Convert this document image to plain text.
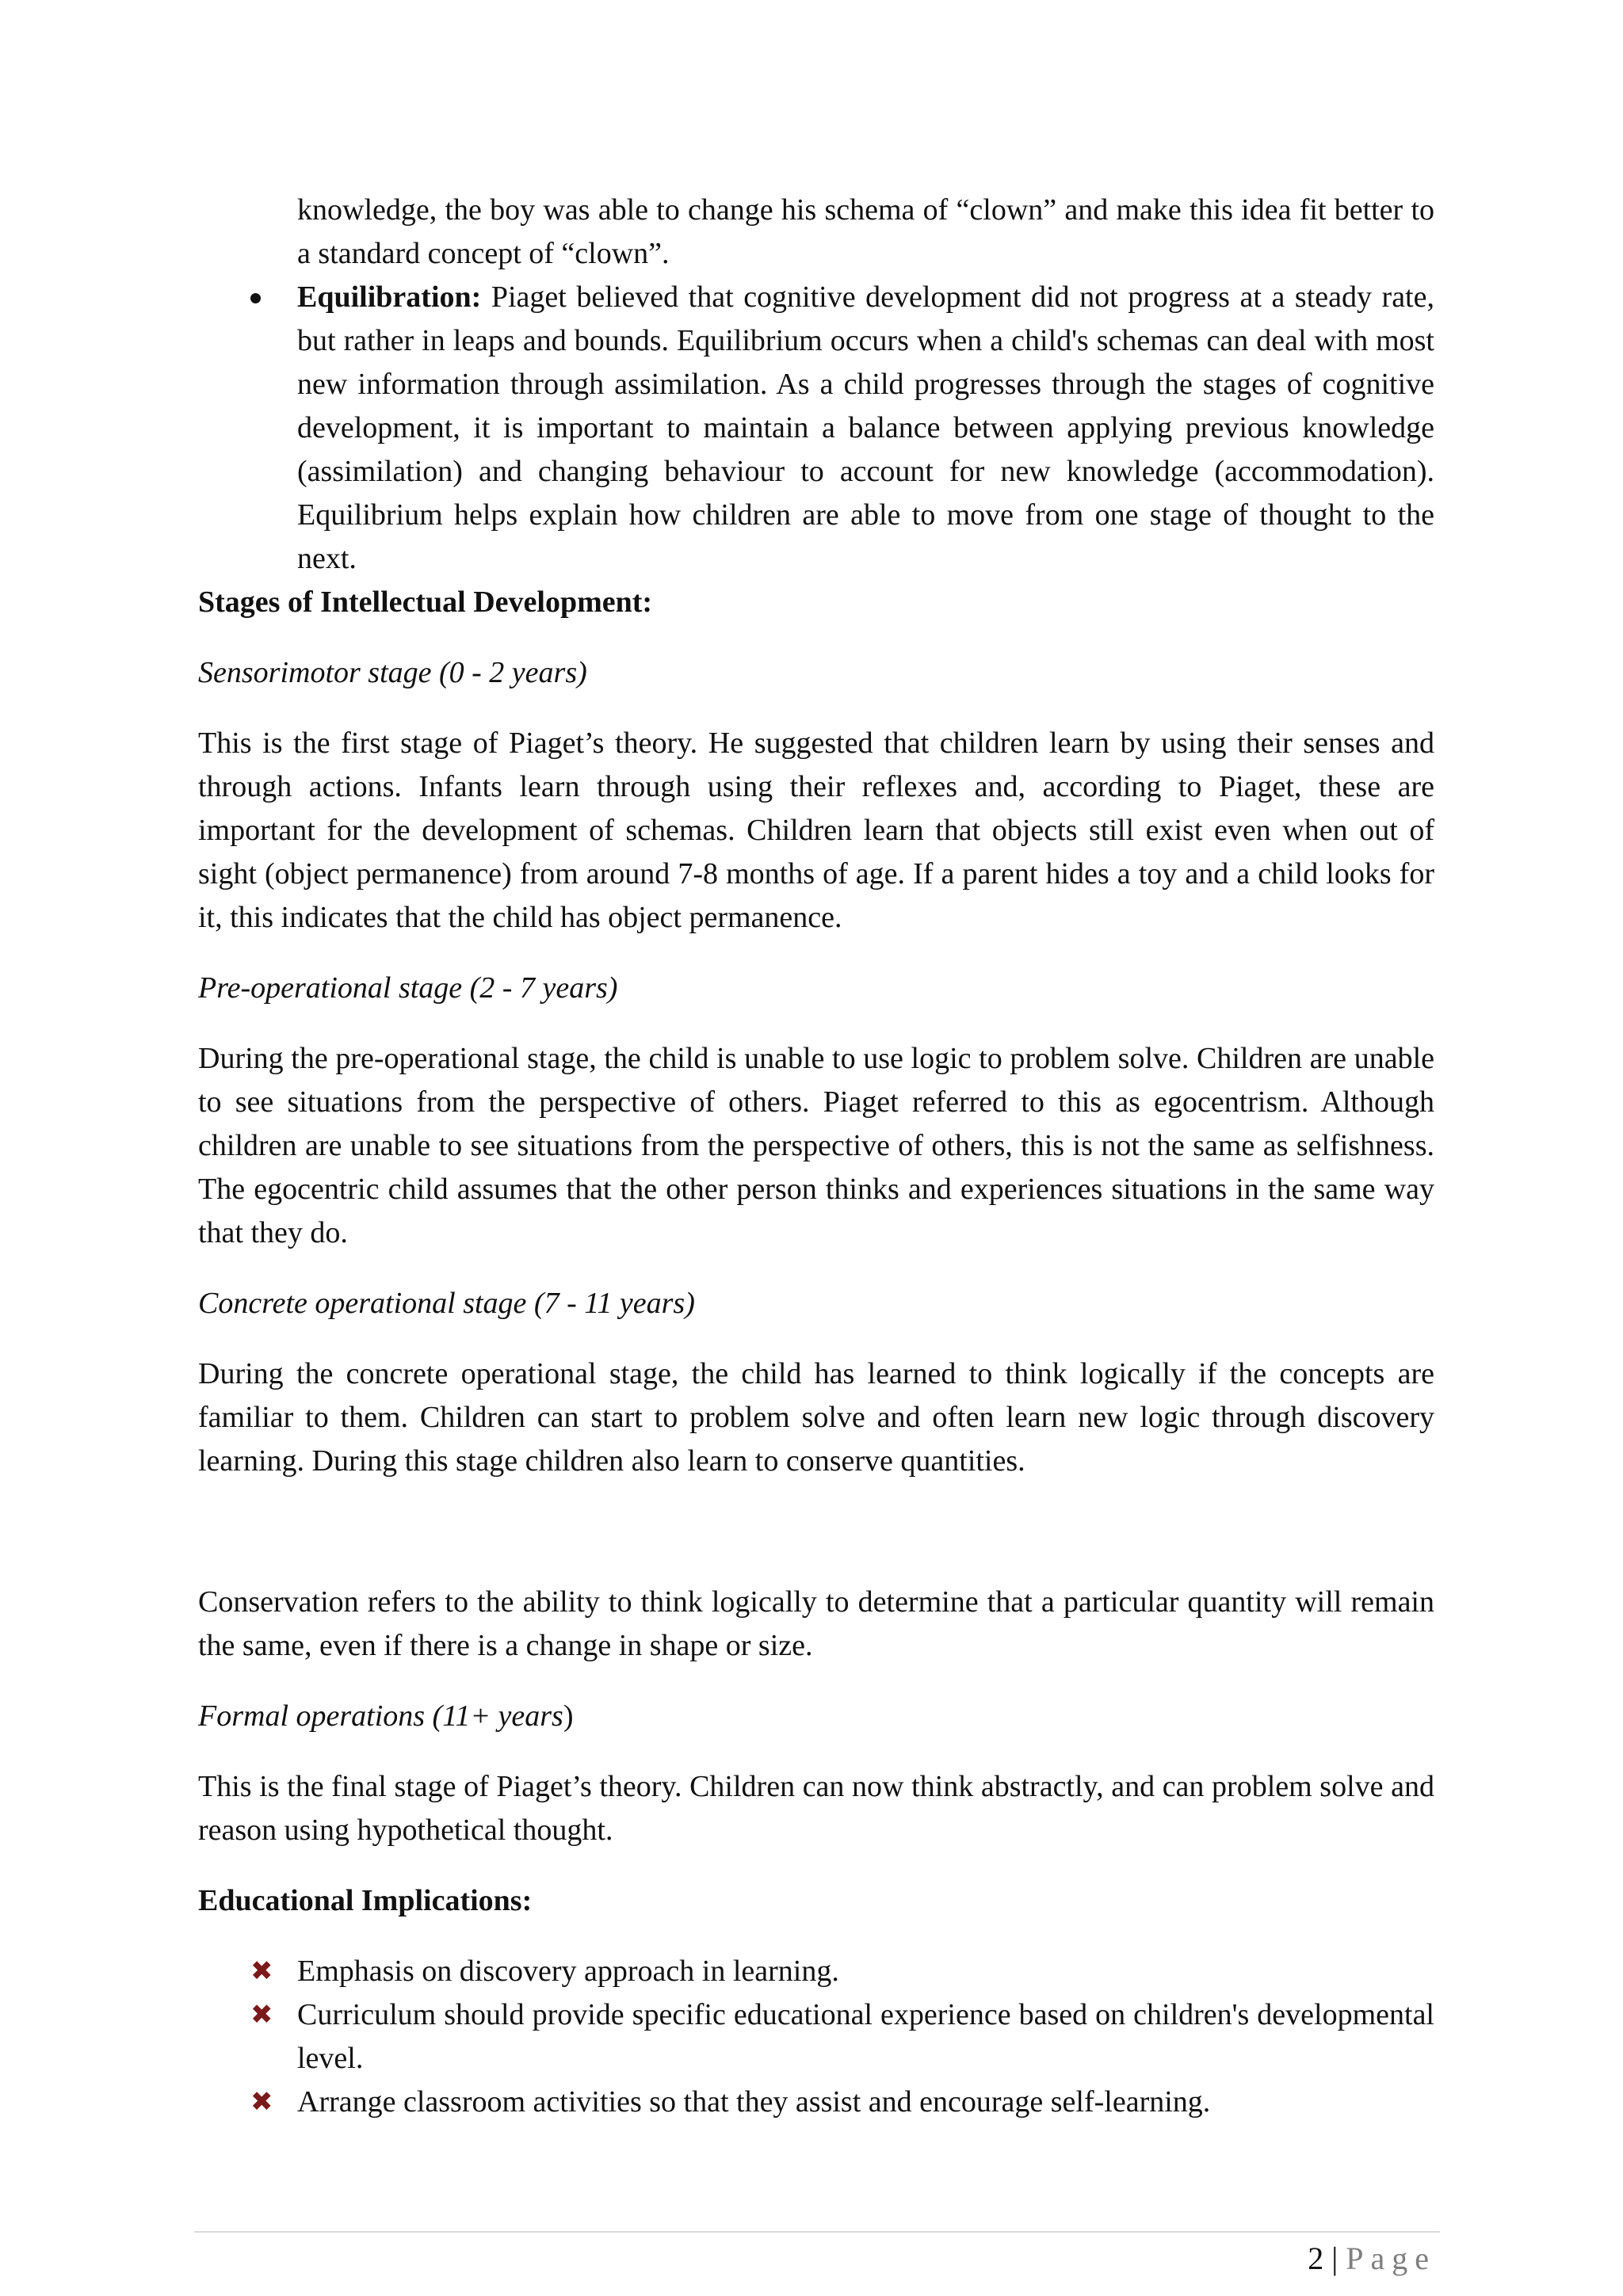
knowledge, the boy was able to change his schema of “clown” and make this idea fit better to a standard concept of “clown”.

Equilibration: Piaget believed that cognitive development did not progress at a steady rate, but rather in leaps and bounds. Equilibrium occurs when a child's schemas can deal with most new information through assimilation. As a child progresses through the stages of cognitive development, it is important to maintain a balance between applying previous knowledge (assimilation) and changing behaviour to account for new knowledge (accommodation). Equilibrium helps explain how children are able to move from one stage of thought to the next.

Stages of Intellectual Development:

Sensorimotor stage (0 - 2 years)

This is the first stage of Piaget’s theory. He suggested that children learn by using their senses and through actions. Infants learn through using their reflexes and, according to Piaget, these are important for the development of schemas. Children learn that objects still exist even when out of sight (object permanence) from around 7-8 months of age. If a parent hides a toy and a child looks for it, this indicates that the child has object permanence.

Pre-operational stage (2 - 7 years)

During the pre-operational stage, the child is unable to use logic to problem solve. Children are unable to see situations from the perspective of others. Piaget referred to this as egocentrism. Although children are unable to see situations from the perspective of others, this is not the same as selfishness. The egocentric child assumes that the other person thinks and experiences situations in the same way that they do.

Concrete operational stage (7 - 11 years)

During the concrete operational stage, the child has learned to think logically if the concepts are familiar to them. Children can start to problem solve and often learn new logic through discovery learning. During this stage children also learn to conserve quantities.

Conservation refers to the ability to think logically to determine that a particular quantity will remain the same, even if there is a change in shape or size.

Formal operations (11+ years)

This is the final stage of Piaget’s theory. Children can now think abstractly, and can problem solve and reason using hypothetical thought.

Educational Implications:

✖ Emphasis on discovery approach in learning.
✖ Curriculum should provide specific educational experience based on children's developmental level.
✖ Arrange classroom activities so that they assist and encourage self-learning.
2 | Page
